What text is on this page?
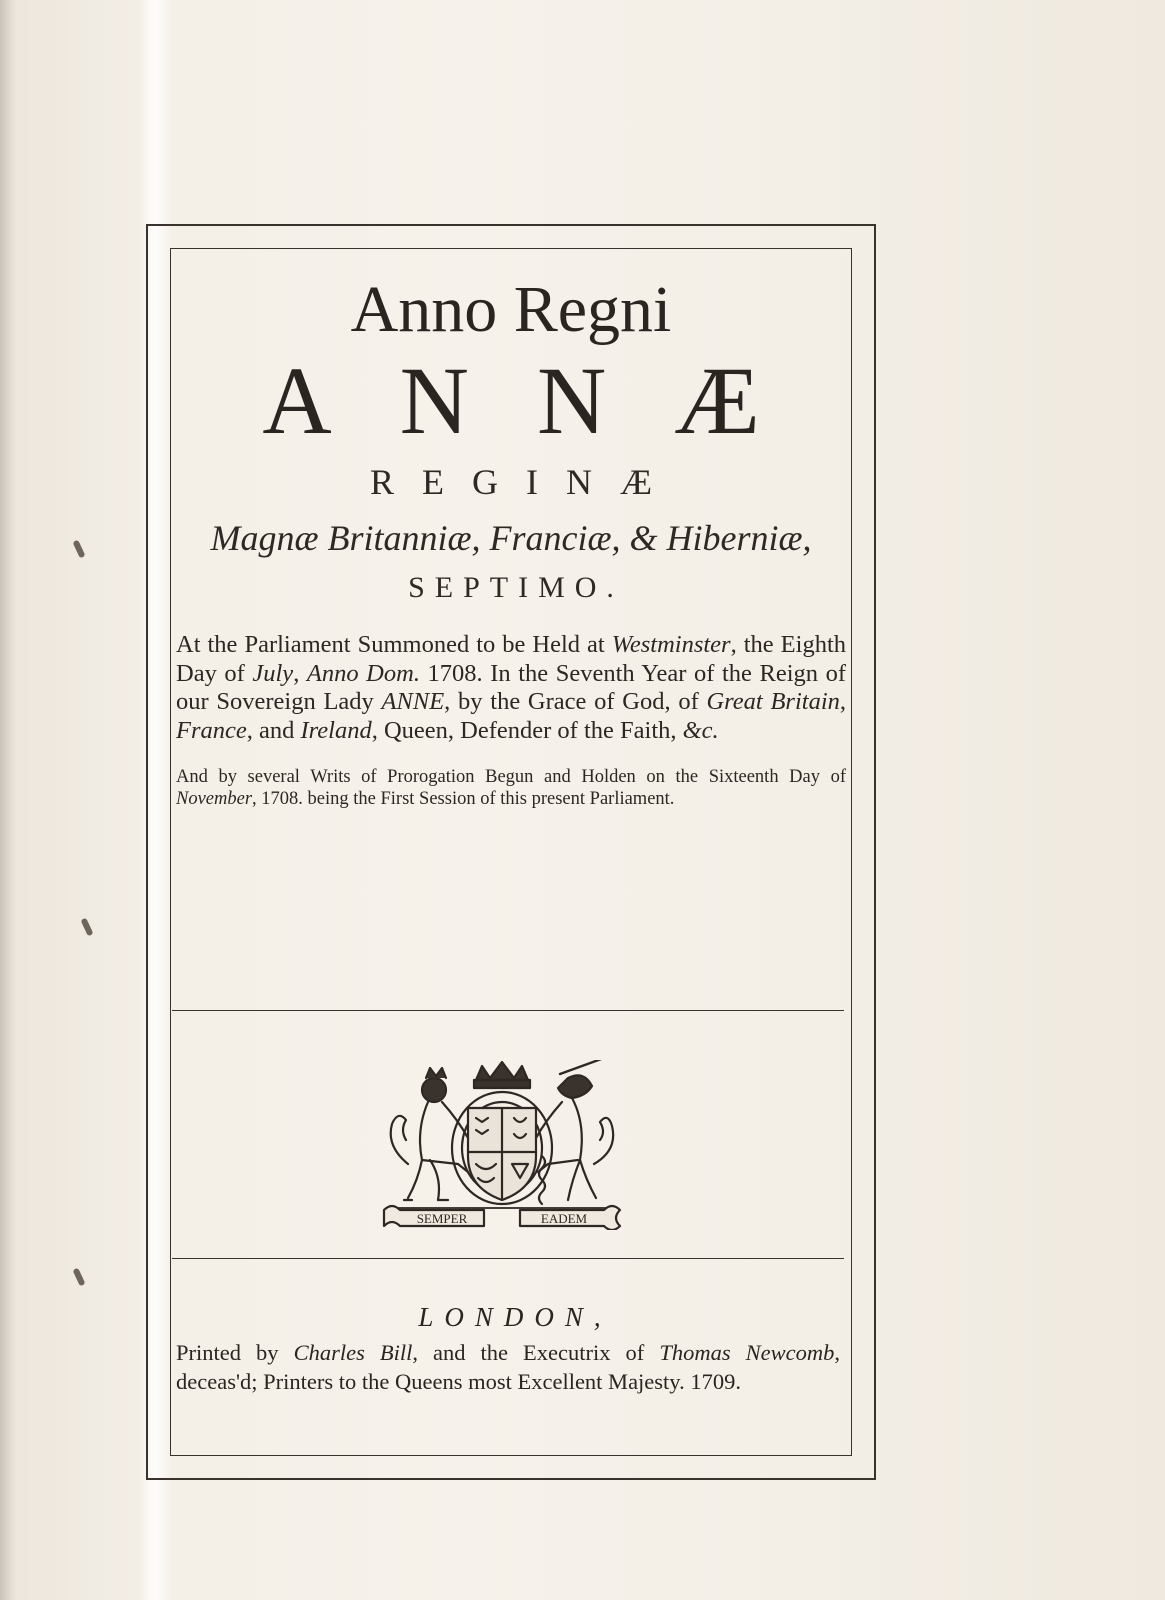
Anno Regni
ANNÆ
REGINÆ
Magnæ Britanniæ, Franciæ, & Hiberniæ,
SEPTIMO.
At the Parliament Summoned to be Held at Westminster, the Eighth Day of July, Anno Dom. 1708. In the Seventh Year of the Reign of our Sovereign Lady ANNE, by the Grace of God, of Great Britain, France, and Ireland, Queen, Defender of the Faith, &c.
And by several Writs of Prorogation Begun and Holden on the Sixteenth Day of November, 1708. being the First Session of this present Parliament.
SEMPER	EADEM
LONDON,
Printed by Charles Bill, and the Executrix of Thomas Newcomb, deceas'd; Printers to the Queens most Excellent Majesty. 1709.
